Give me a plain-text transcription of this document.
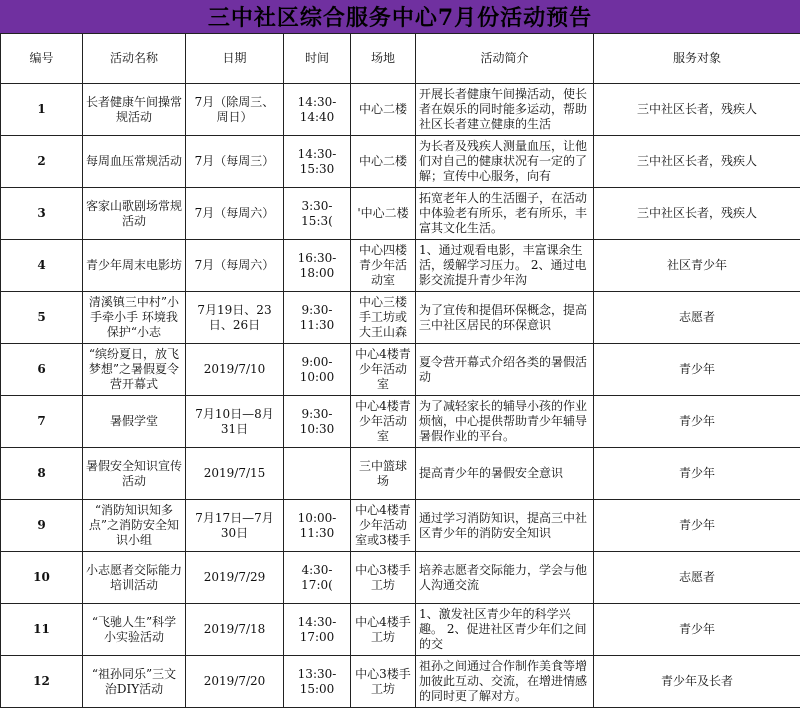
三中社区综合服务中心7月份活动预告
编号	活动名称	日期	时间	场地	活动简介	服务对象

1	长者健康午间操常规活动	7月（除周三、周日）	14:30-14:40	中心二楼	开展长者健康午间操活动，使长者在娱乐的同时能多运动，帮助社区长者建立健康的生活	三中社区长者，残疾人

2	每周血压常规活动	7月（每周三）	14:30-15:30	中心二楼	为长者及残疾人测量血压，让他们对自己的健康状况有一定的了解；宣传中心服务，向有	三中社区长者，残疾人

3	客家山歌剧场常规活动	7月（每周六）	3:30-15:3(	'中心二楼	拓宽老年人的生活圈子，在活动中体验老有所乐，老有所乐，丰富其文化生活。	三中社区长者，残疾人

4	青少年周末电影坊	7月（每周六）	16:30-18:00	中心四楼青少年活动室	1、通过观看电影，丰富课余生活，缓解学习压力。 2、通过电影交流提升青少年沟	社区青少年

5	清溪镇三中村”小手牵小手 环境我保护“小志	7月19日、23日、26日	9:30-11:30	中心三楼手工坊或大王山森	为了宣传和提倡环保概念，提高三中社区居民的环保意识	志愿者

6	“缤纷夏日，放飞梦想”之暑假夏令营开幕式	2019/7/10	9:00-10:00	中心4楼青少年活动室	夏令营开幕式介绍各类的暑假活动	青少年

7	暑假学堂	7月10日—8月31日	9:30-10:30	中心4楼青少年活动室	为了减轻家长的辅导小孩的作业烦恼，中心提供帮助青少年辅导暑假作业的平台。	青少年

8	暑假安全知识宣传活动	2019/7/15		三中篮球场	提高青少年的暑假安全意识	青少年

9	“消防知识知多点”之消防安全知识小组	7月17日—7月30日	10:00-11:30	中心4楼青少年活动室或3楼手	通过学习消防知识，提高三中社区青少年的消防安全知识	青少年

10	小志愿者交际能力培训活动	2019/7/29	4:30-17:0(	中心3楼手工坊	培养志愿者交际能力，学会与他人沟通交流	志愿者

11	“飞驰人生”科学小实验活动	2019/7/18	14:30-17:00	中心4楼手工坊	1、激发社区青少年的科学兴趣。 2、促进社区青少年们之间的交	青少年

12	“祖孙同乐”三文治DIY活动	2019/7/20	13:30-15:00	中心3楼手工坊	祖孙之间通过合作制作美食等增加彼此互动、交流，在增进情感的同时更了解对方。	青少年及长者
